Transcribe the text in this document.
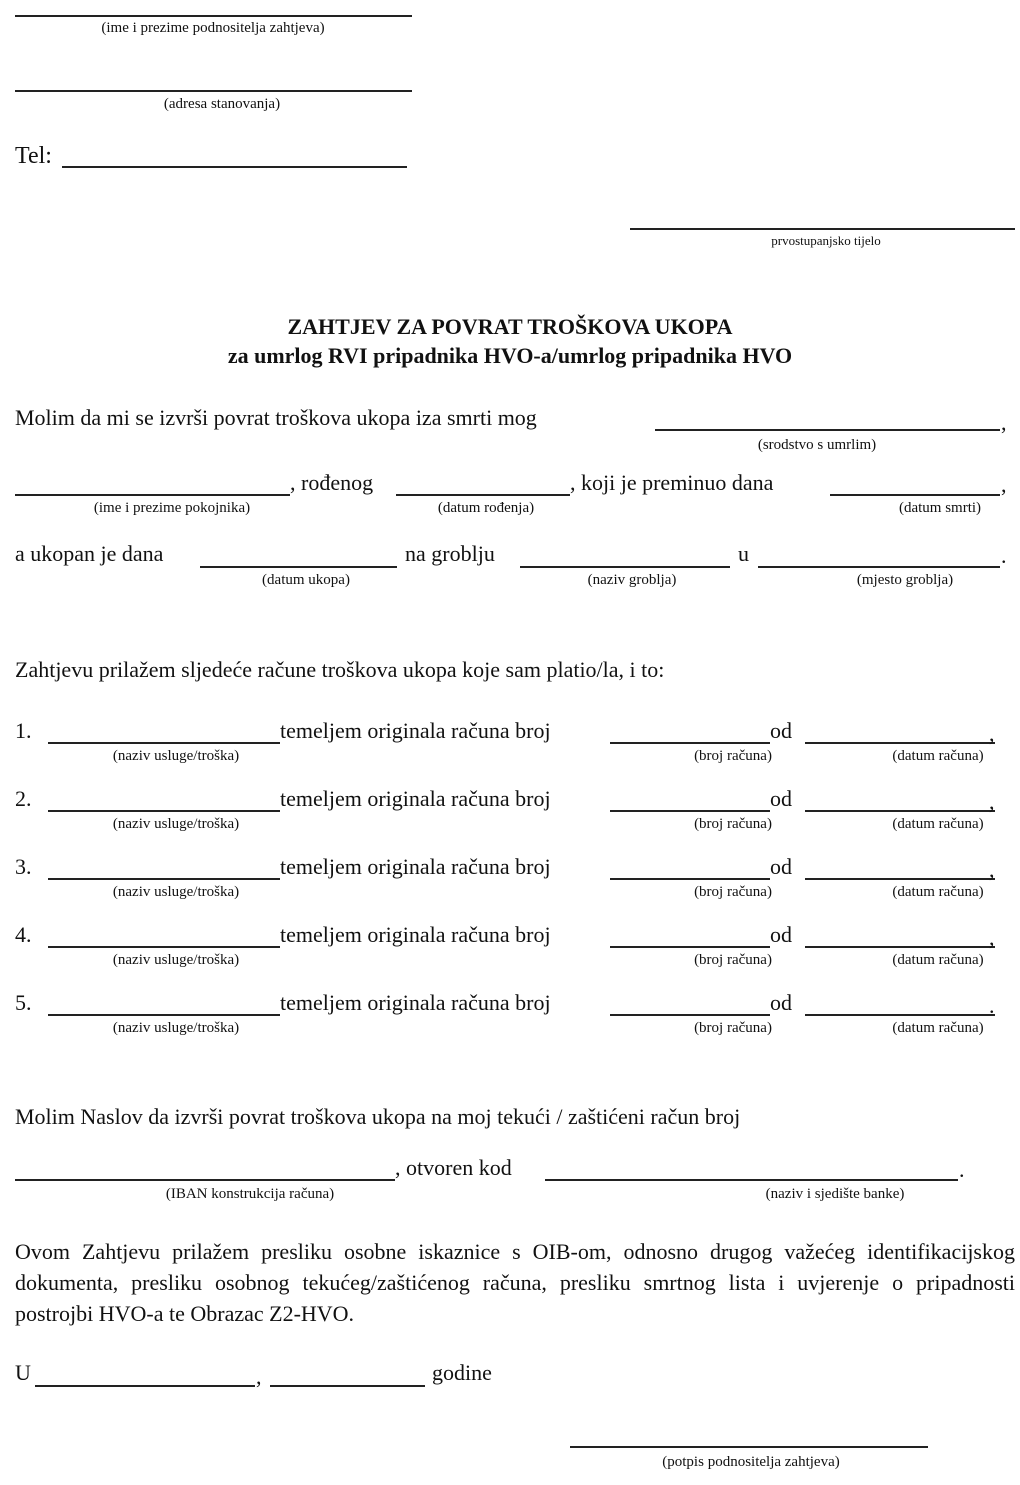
(ime i prezime podnositelja zahtjeva)
(adresa stanovanja)
Tel:
prvostupanjsko tijelo
ZAHTJEV ZA POVRAT TROŠKOVA UKOPA
za umrlog RVI pripadnika HVO-a/umrlog pripadnika HVO
Molim da mi se izvrši povrat troškova ukopa iza smrti mog	,
(srodstvo s umrlim)
, rođenog	, koji je preminuo dana	,
(ime i prezime pokojnika)	(datum rođenja)	(datum smrti)
a ukopan je dana	na groblju	u	.
(datum ukopa)	(naziv groblja)	(mjesto groblja)
Zahtjevu prilažem sljedeće račune troškova ukopa koje sam platio/la, i to:
1.	temeljem originala računa broj	od	,
(naziv usluge/troška)	(broj računa)	(datum računa)
2.	temeljem originala računa broj	od	,
(naziv usluge/troška)	(broj računa)	(datum računa)
3.	temeljem originala računa broj	od	,
(naziv usluge/troška)	(broj računa)	(datum računa)
4.	temeljem originala računa broj	od	,
(naziv usluge/troška)	(broj računa)	(datum računa)
5.	temeljem originala računa broj	od	.
(naziv usluge/troška)	(broj računa)	(datum računa)
Molim Naslov da izvrši povrat troškova ukopa na moj tekući / zaštićeni račun broj
, otvoren kod	.
(IBAN konstrukcija računa)	(naziv i sjedište banke)
Ovom Zahtjevu prilažem presliku osobne iskaznice s OIB-om, odnosno drugog važećeg identifikacijskog dokumenta, presliku osobnog tekućeg/zaštićenog računa, presliku smrtnog lista i uvjerenje o pripadnosti postrojbi HVO-a te Obrazac Z2-HVO.
U	,	godine
(potpis podnositelja zahtjeva)
